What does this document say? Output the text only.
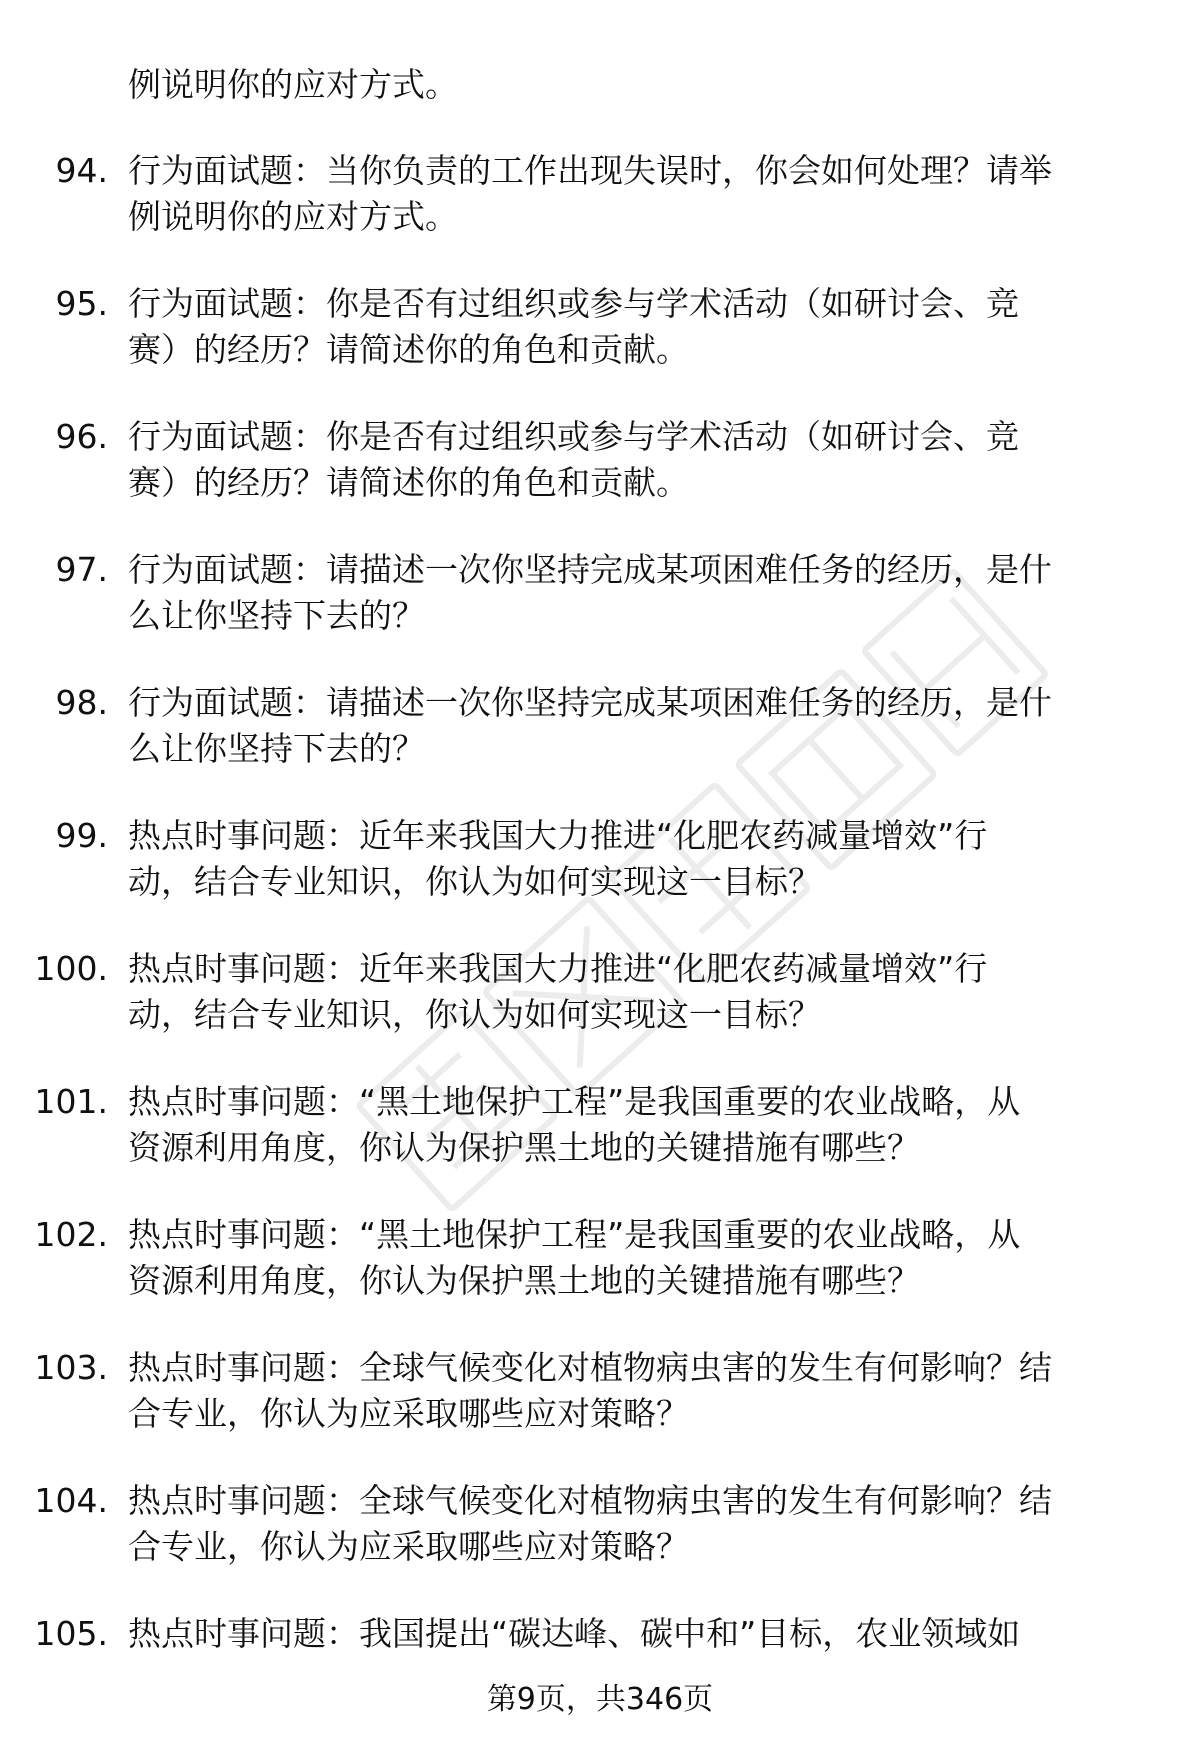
例说明你的应对方式。
94. 行为面试题：当你负责的工作出现失误时，你会如何处理？请举
例说明你的应对方式。
95. 行为面试题：你是否有过组织或参与学术活动（如研讨会、竞
赛）的经历？请简述你的角色和贡献。
96. 行为面试题：你是否有过组织或参与学术活动（如研讨会、竞
赛）的经历？请简述你的角色和贡献。
97. 行为面试题：请描述一次你坚持完成某项困难任务的经历，是什
么让你坚持下去的？
98. 行为面试题：请描述一次你坚持完成某项困难任务的经历，是什
么让你坚持下去的？
99. 热点时事问题：近年来我国大力推进“化肥农药减量增效”行
动，结合专业知识，你认为如何实现这一目标？
100. 热点时事问题：近年来我国大力推进“化肥农药减量增效”行
动，结合专业知识，你认为如何实现这一目标？
101. 热点时事问题：“黑土地保护工程”是我国重要的农业战略，从
资源利用角度，你认为保护黑土地的关键措施有哪些？
102. 热点时事问题：“黑土地保护工程”是我国重要的农业战略，从
资源利用角度，你认为保护黑土地的关键措施有哪些？
103. 热点时事问题：全球气候变化对植物病虫害的发生有何影响？结
合专业，你认为应采取哪些应对策略？
104. 热点时事问题：全球气候变化对植物病虫害的发生有何影响？结
合专业，你认为应采取哪些应对策略？
105. 热点时事问题：我国提出“碳达峰、碳中和”目标，农业领域如
第9页，共346页
